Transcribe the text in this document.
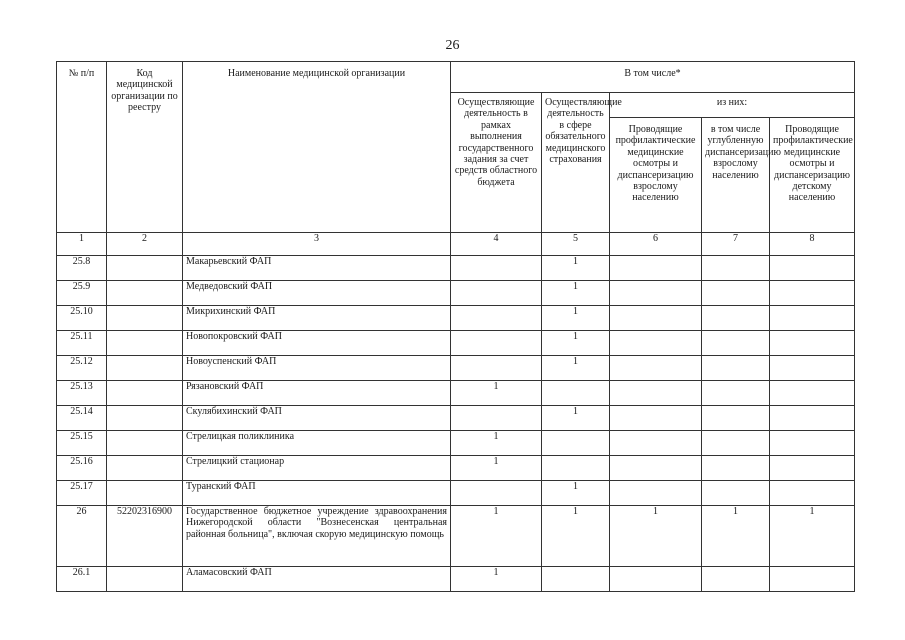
26
№ п/п	Код медицинской организации по реестру	Наименование медицинской организации	В том числе*				
			Осуществляющие деятельность в рамках выполнения государственного задания за счет средств областного бюджета	Осуществляющие деятельность в сфере обязательного медицинского страхования	из них:		
					Проводящие профилактические медицинские осмотры и диспансеризацию взрослому населению	в том числе углубленную диспансеризацию взрослому населению	Проводящие профилактические медицинские осмотры и диспансеризацию детскому населению
1	2	3	4	5	6	7	8
25.8		Макарьевский ФАП		1			
25.9		Медведовский ФАП		1			
25.10		Микрихинский ФАП		1			
25.11		Новопокровский ФАП		1			
25.12		Новоуспенский ФАП		1			
25.13		Рязановский ФАП	1				
25.14		Скулябихинский ФАП		1			
25.15		Стрелицкая поликлиника	1				
25.16		Стрелицкий стационар	1				
25.17		Туранский ФАП		1			
26	52202316900	Государственное бюджетное учреждение здравоохранения Нижегородской области "Вознесенская центральная районная больница", включая скорую медицинскую помощь	1	1	1	1	1
26.1		Аламасовский ФАП	1				
